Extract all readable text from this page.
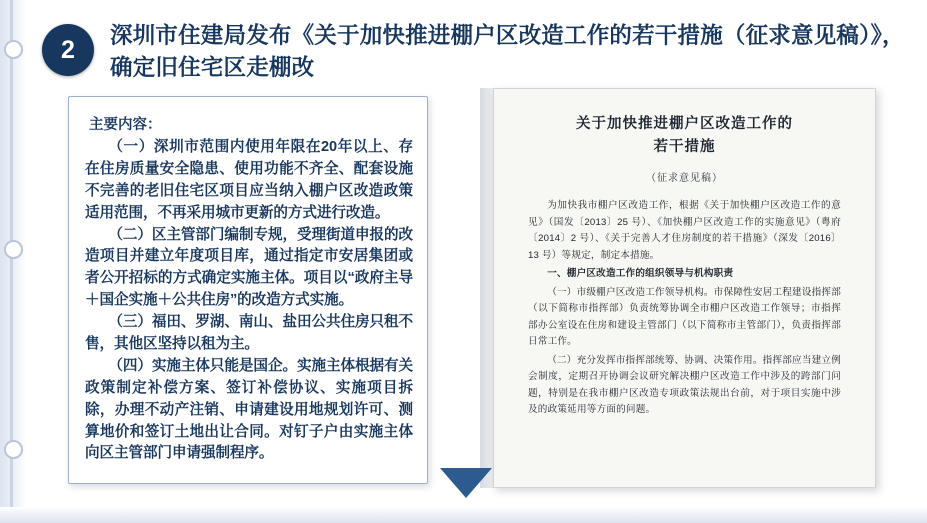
2	深圳市住建局发布《关于加快推进棚户区改造工作的若干措施（征求意见稿）》，确定旧住宅区走棚改
主要内容：

（一）深圳市范围内使用年限在20年以上、存在住房质量安全隐患、使用功能不齐全、配套设施不完善的老旧住宅区项目应当纳入棚户区改造政策适用范围，不再采用城市更新的方式进行改造。

（二）区主管部门编制专规，受理街道申报的改造项目并建立年度项目库，通过指定市安居集团或者公开招标的方式确定实施主体。项目以“政府主导＋国企实施＋公共住房”的改造方式实施。

（三）福田、罗湖、南山、盐田公共住房只租不售，其他区坚持以租为主。

（四）实施主体只能是国企。实施主体根据有关政策制定补偿方案、签订补偿协议、实施项目拆除，办理不动产注销、申请建设用地规划许可、测算地价和签订土地出让合同。对钉子户由实施主体向区主管部门申请强制程序。

关于加快推进棚户区改造工作的
若干措施
（征求意见稿）

为加快我市棚户区改造工作，根据《关于加快棚户区改造工作的意见》（国发〔2013〕25 号）、《加快棚户区改造工作的实施意见》（粤府〔2014〕2 号）、《关于完善人才住房制度的若干措施》（深发〔2016〕13 号）等规定，制定本措施。

一、棚户区改造工作的组织领导与机构职责

（一）市级棚户区改造工作领导机构。市保障性安居工程建设指挥部（以下简称市指挥部）负责统筹协调全市棚户区改造工作领导；市指挥部办公室设在住房和建设主管部门（以下简称市主管部门），负责指挥部日常工作。

（二）充分发挥市指挥部统筹、协调、决策作用。指挥部应当建立例会制度，定期召开协调会议研究解决棚户区改造工作中涉及的跨部门问题，特别是在我市棚户区改造专项政策法规出台前，对于项目实施中涉及的政策延用等方面的问题。
